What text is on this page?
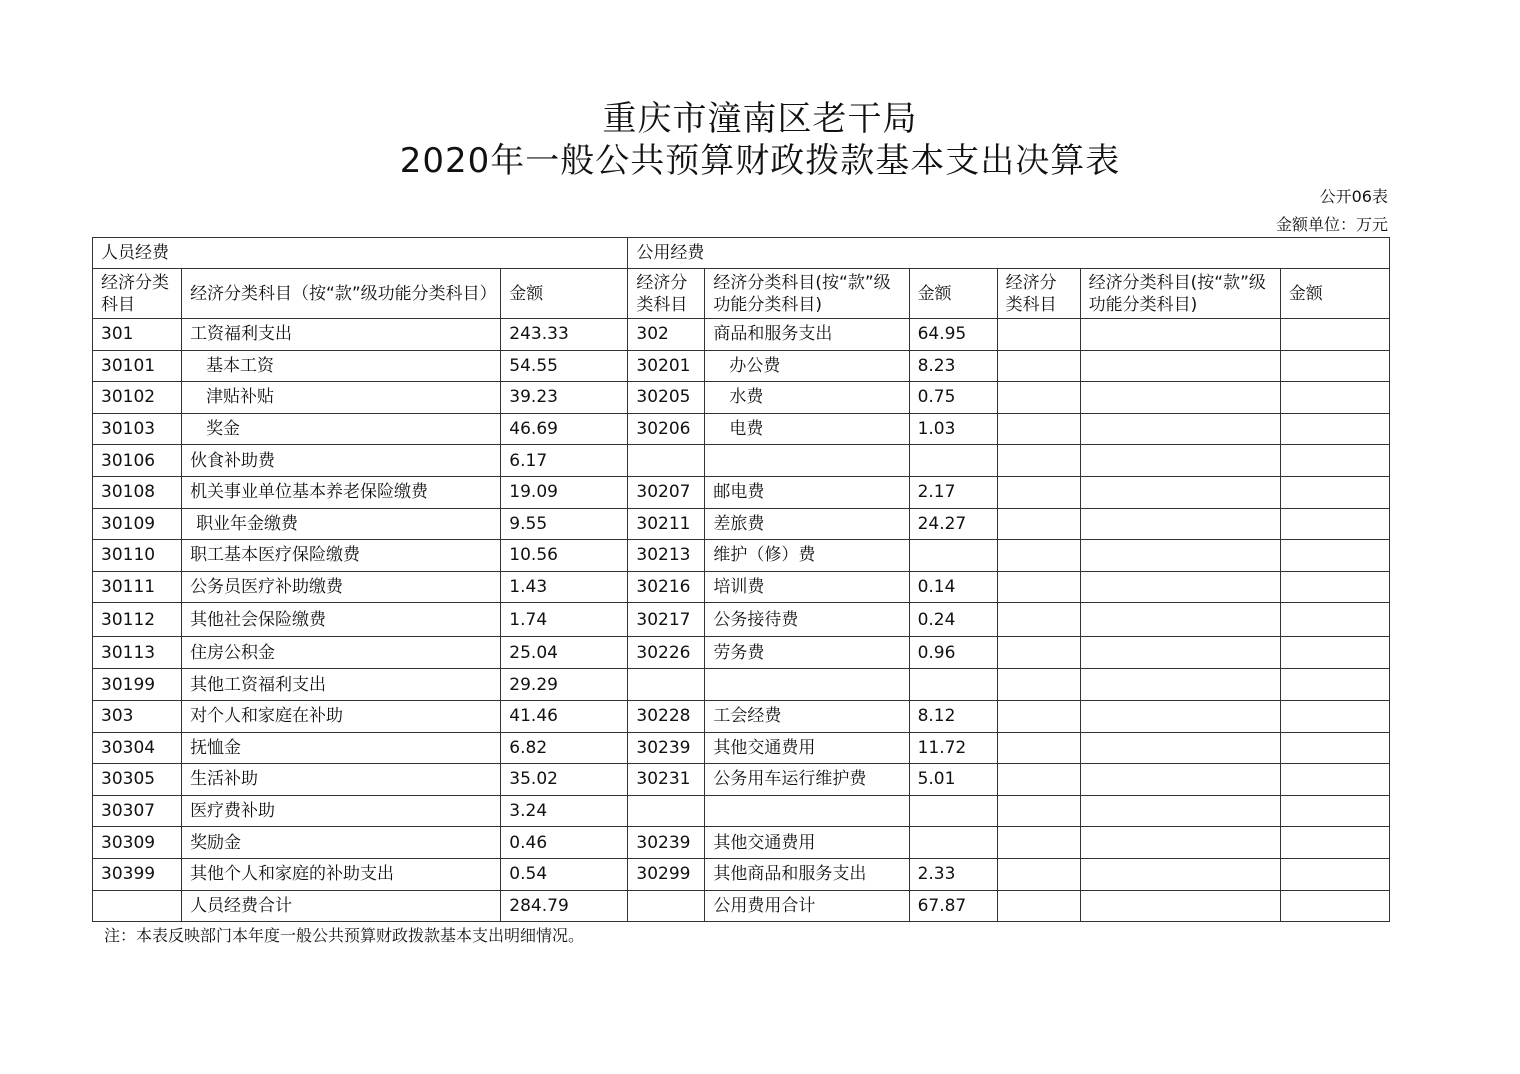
重庆市潼南区老干局
2020年一般公共预算财政拨款基本支出决算表
公开06表
金额单位：万元
人员经费			公用经费					
经济分类科目	经济分类科目（按“款”级功能分类科目）	金额	经济分类科目	经济分类科目(按“款”级功能分类科目)	金额	经济分类科目	经济分类科目(按“款”级功能分类科目)	金额
301	工资福利支出	243.33	302	商品和服务支出	64.95			
30101	基本工资	54.55	30201	办公费	8.23			
30102	津贴补贴	39.23	30205	水费	0.75			
30103	奖金	46.69	30206	电费	1.03			
30106	伙食补助费	6.17						
30108	机关事业单位基本养老保险缴费	19.09	30207	邮电费	2.17			
30109	职业年金缴费	9.55	30211	差旅费	24.27			
30110	职工基本医疗保险缴费	10.56	30213	维护（修）费				
30111	公务员医疗补助缴费	1.43	30216	培训费	0.14			
30112	其他社会保险缴费	1.74	30217	公务接待费	0.24			
30113	住房公积金	25.04	30226	劳务费	0.96			
30199	其他工资福利支出	29.29						
303	对个人和家庭在补助	41.46	30228	工会经费	8.12			
30304	抚恤金	6.82	30239	其他交通费用	11.72			
30305	生活补助	35.02	30231	公务用车运行维护费	5.01			
30307	医疗费补助	3.24						
30309	奖励金	0.46	30239	其他交通费用				
30399	其他个人和家庭的补助支出	0.54	30299	其他商品和服务支出	2.33			
	人员经费合计	284.79		公用费用合计	67.87			
注：本表反映部门本年度一般公共预算财政拨款基本支出明细情况。
